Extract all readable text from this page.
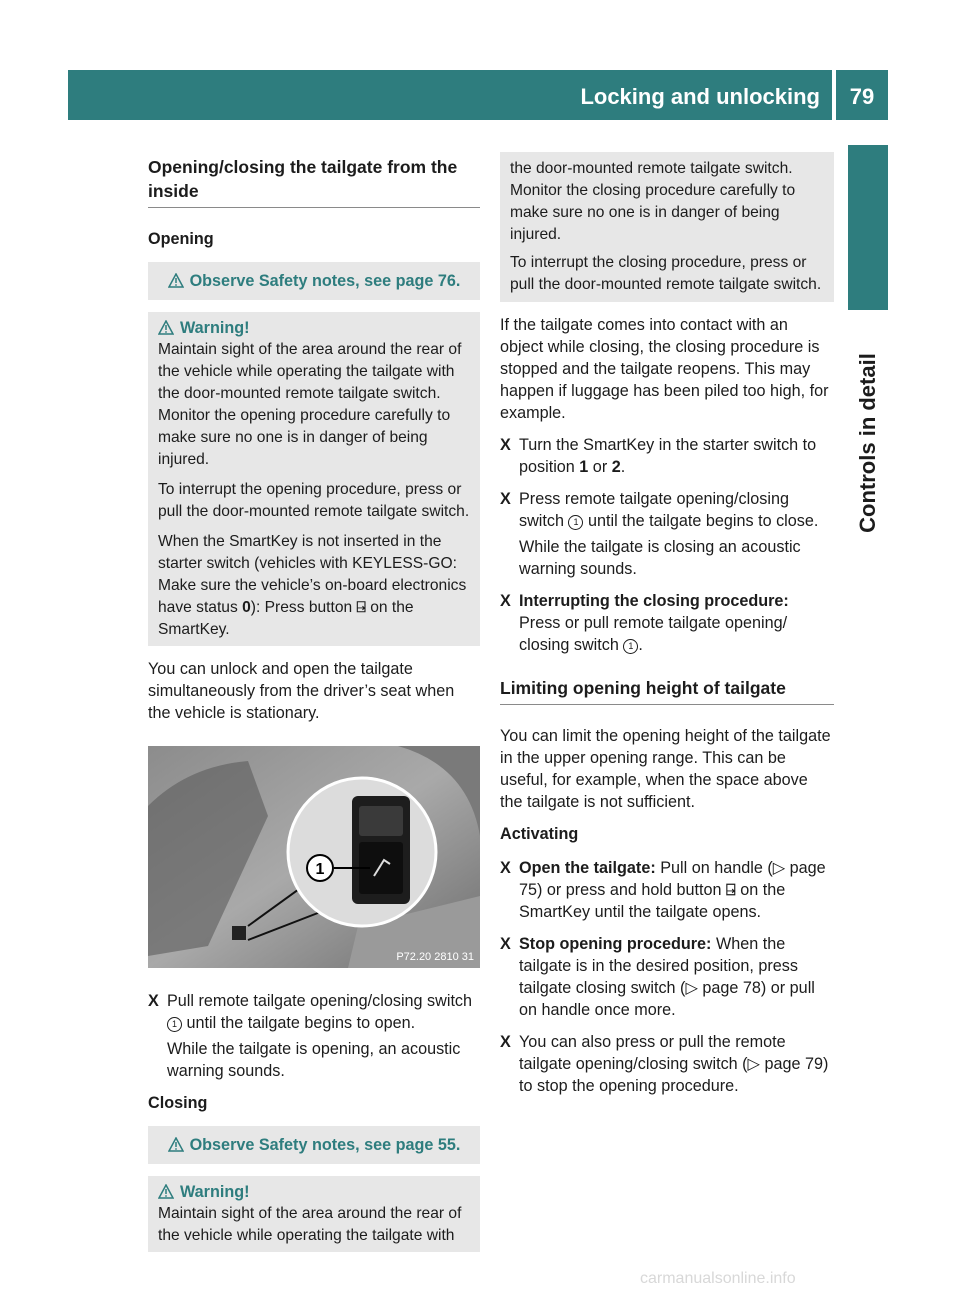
Locking and unlocking	79
Controls in detail
Opening/closing the tailgate from the inside
Opening
Observe Safety notes, see page 76.
Warning!

Maintain sight of the area around the rear of the vehicle while operating the tailgate with the door-mounted remote tailgate switch. Monitor the opening procedure carefully to make sure no one is in danger of being injured.

To interrupt the opening procedure, press or pull the door-mounted remote tailgate switch.

When the SmartKey is not inserted in the starter switch (vehicles with KEYLESS-GO: Make sure the vehicle’s on-board electronics have status 0): Press button ⍈ on the SmartKey.

You can unlock and open the tailgate simultaneously from the driver’s seat when the vehicle is stationary.

1
P72.20 2810 31
X Pull remote tailgate opening/closing switch 1 until the tailgate begins to open.
While the tailgate is opening, an acoustic warning sounds.
Closing
Observe Safety notes, see page 55.
Warning!

Maintain sight of the area around the rear of the vehicle while operating the tailgate with

the door-mounted remote tailgate switch. Monitor the closing procedure carefully to make sure no one is in danger of being injured.

To interrupt the closing procedure, press or pull the door-mounted remote tailgate switch.

If the tailgate comes into contact with an object while closing, the closing procedure is stopped and the tailgate reopens. This may happen if luggage has been piled too high, for example.

X Turn the SmartKey in the starter switch to position 1 or 2.
X Press remote tailgate opening/closing switch 1 until the tailgate begins to close.
While the tailgate is closing an acoustic warning sounds.
X Interrupting the closing procedure:
Press or pull remote tailgate opening/ closing switch 1 .
Limiting opening height of tailgate

You can limit the opening height of the tailgate in the upper opening range. This can be useful, for example, when the space above the tailgate is not sufficient.

Activating
X Open the tailgate: Pull on handle (▷ page 75) or press and hold button ⍈ on the SmartKey until the tailgate opens.
X Stop opening procedure: When the tailgate is in the desired position, press tailgate closing switch (▷ page 78) or pull on handle once more.
X You can also press or pull the remote tailgate opening/closing switch (▷ page 79) to stop the opening procedure.
carmanualsonline.info
